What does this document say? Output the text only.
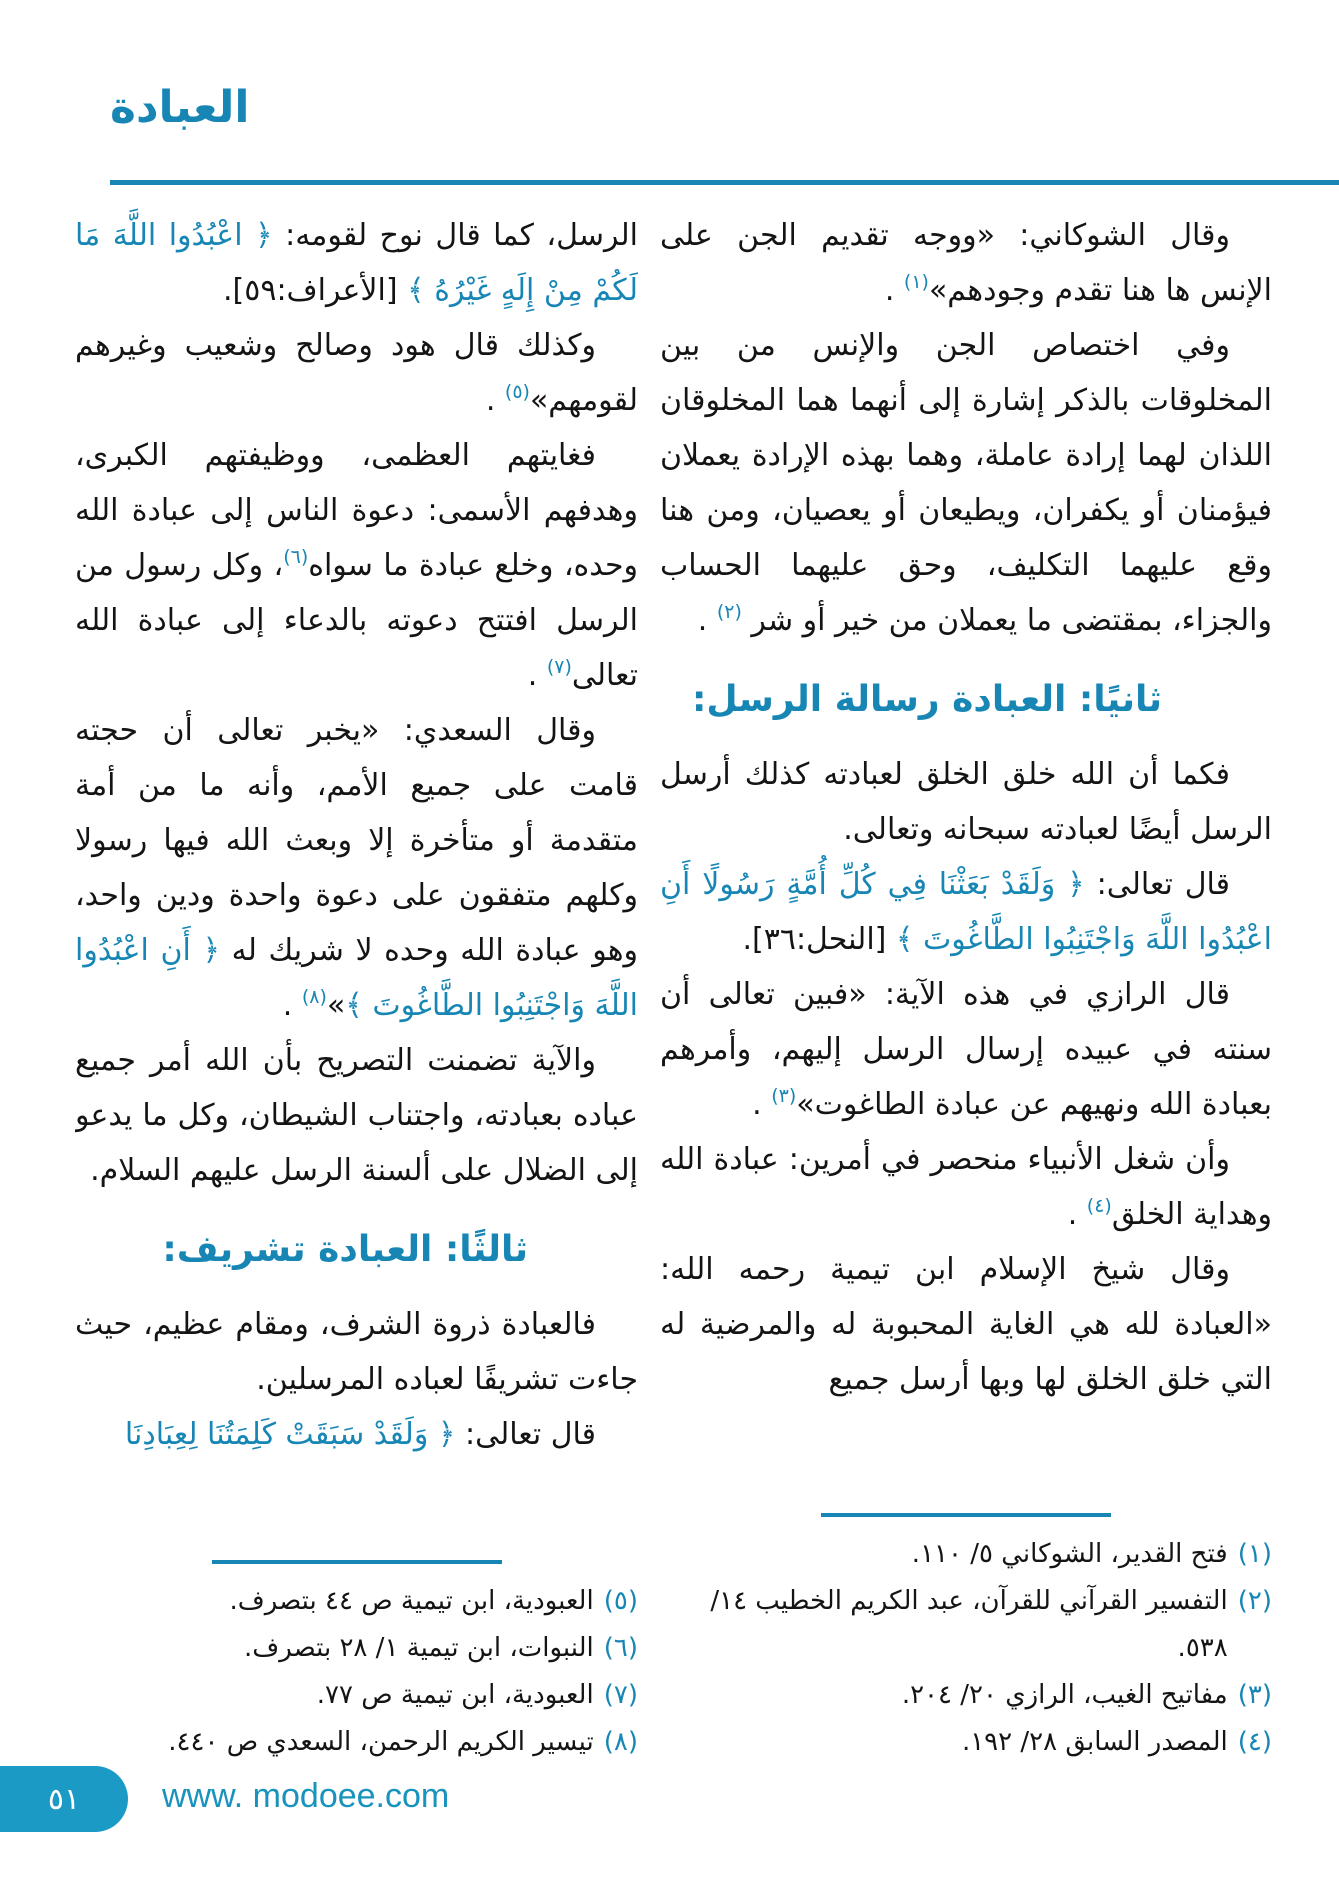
العبادة

وقال الشوكاني: «ووجه تقديم الجن على الإنس ها هنا تقدم وجودهم»$^{(١)}$ .

وفي اختصاص الجن والإنس من بين المخلوقات بالذكر إشارة إلى أنهما هما المخلوقان اللذان لهما إرادة عاملة، وهما بهذه الإرادة يعملان فيؤمنان أو يكفران، ويطيعان أو يعصيان، ومن هنا وقع عليهما التكليف، وحق عليهما الحساب والجزاء، بمقتضى ما يعملان من خير أو شر $^{(٢)}$ .

ثانيًا: العبادة رسالة الرسل:

فكما أن الله خلق الخلق لعبادته كذلك أرسل الرسل أيضًا لعبادته سبحانه وتعالى.

قال تعالى: ﴿ وَلَقَدْ بَعَثْنَا فِي كُلِّ أُمَّةٍ رَسُولًا أَنِ اعْبُدُوا اللَّهَ وَاجْتَنِبُوا الطَّاغُوتَ ﴾ [النحل:٣٦].

قال الرازي في هذه الآية: «فبين تعالى أن سنته في عبيده إرسال الرسل إليهم، وأمرهم بعبادة الله ونهيهم عن عبادة الطاغوت»$^{(٣)}$ .

وأن شغل الأنبياء منحصر في أمرين: عبادة الله وهداية الخلق$^{(٤)}$ .

وقال شيخ الإسلام ابن تيمية رحمه الله: «العبادة لله هي الغاية المحبوبة له والمرضية له التي خلق الخلق لها وبها أرسل جميع

(١)
فتح القدير، الشوكاني ٥/ ١١٠.
(٢)
التفسير القرآني للقرآن، عبد الكريم الخطيب ١٤/ ٥٣٨.
(٣)
مفاتيح الغيب، الرازي ٢٠/ ٢٠٤.
(٤)
المصدر السابق ٢٨/ ١٩٢.

الرسل، كما قال نوح لقومه: ﴿ اعْبُدُوا اللَّهَ مَا لَكُمْ مِنْ إِلَهٍ غَيْرُهُ ﴾ [الأعراف:٥٩].

وكذلك قال هود وصالح وشعيب وغيرهم لقومهم»$^{(٥)}$ .

فغايتهم العظمى، ووظيفتهم الكبرى، وهدفهم الأسمى: دعوة الناس إلى عبادة الله وحده، وخلع عبادة ما سواه$^{(٦)}$، وكل رسول من الرسل افتتح دعوته بالدعاء إلى عبادة الله تعالى$^{(٧)}$ .

وقال السعدي: «يخبر تعالى أن حجته قامت على جميع الأمم، وأنه ما من أمة متقدمة أو متأخرة إلا وبعث الله فيها رسولا وكلهم متفقون على دعوة واحدة ودين واحد، وهو عبادة الله وحده لا شريك له ﴿ أَنِ اعْبُدُوا اللَّهَ وَاجْتَنِبُوا الطَّاغُوتَ ﴾»$^{(٨)}$ .

والآية تضمنت التصريح بأن الله أمر جميع عباده بعبادته، واجتناب الشيطان، وكل ما يدعو إلى الضلال على ألسنة الرسل عليهم السلام.

ثالثًا: العبادة تشريف:

فالعبادة ذروة الشرف، ومقام عظيم، حيث جاءت تشريفًا لعباده المرسلين.

قال تعالى: ﴿ وَلَقَدْ سَبَقَتْ كَلِمَتُنَا لِعِبَادِنَا

(٥)
العبودية، ابن تيمية ص ٤٤ بتصرف.
(٦)
النبوات، ابن تيمية ١/ ٢٨ بتصرف.
(٧)
العبودية، ابن تيمية ص ٧٧.
(٨)
تيسير الكريم الرحمن، السعدي ص ٤٤٠.
٥١ www. modoee.com
